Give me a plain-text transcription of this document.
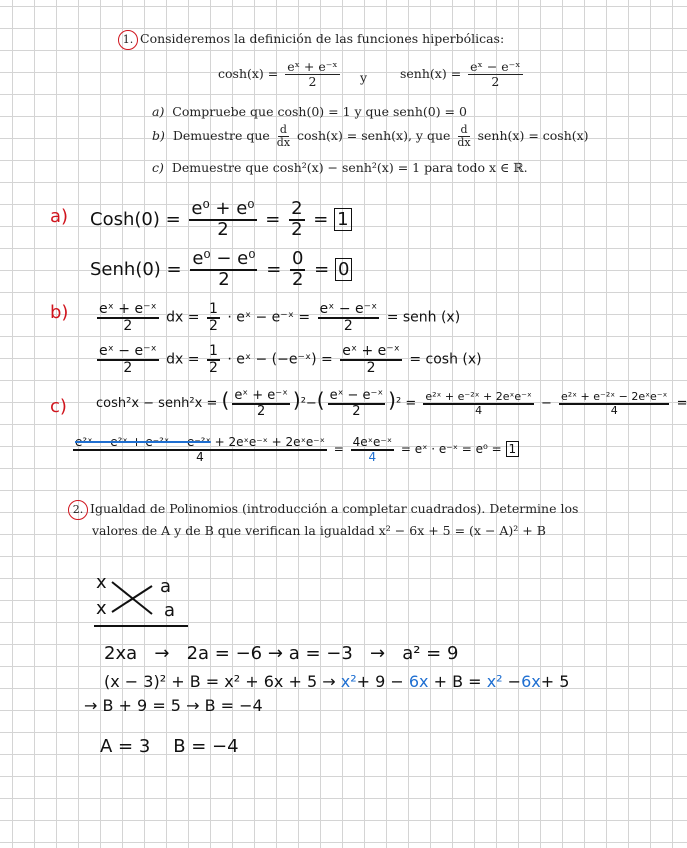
1. Consideremos la definición de las funciones hiperbólicas:
$\cosh(x) = \frac{\text{eˣ + e⁻ˣ}}{2}$ y	senh(x) = $\frac{\text{eˣ − e⁻ˣ}}{2}$
a) Compruebe que cosh(0) = 1 y que senh(0) = 0
b) Demuestre que $\frac{d}{dx} \cosh(x)$ = senh(x), y que $\frac{d}{dx}$ senh(x) = cosh(x)
c) Demuestre que cosh²(x) − senh²(x) = 1 para todo x ∈ ℝ.
a) Cosh(0) = $\frac{\text{e⁰ + e⁰}}{2} = \frac{2}{2} = 1$
Senh(0) = $\frac{\text{e⁰ − e⁰}}{2} = \frac{0}{2} = 0$
$b) \frac{\text{eˣ + e⁻ˣ}}{2}$ dx = $\frac{1}{2}$ · eˣ − e⁻ˣ = $\frac{\text{eˣ − e⁻ˣ}}{2}$ = senh (x)
$\frac{\text{eˣ − e⁻ˣ}}{2}$ dx = $\frac{1}{2}$ · eˣ − (−e⁻ˣ) = $\frac{\text{eˣ + e⁻ˣ}}{2} = \cosh (x)$
c) cosh²x − senh²x = ( $\frac{\text{eˣ + e⁻ˣ}}{2} )^2-( \frac{\text{eˣ − e⁻ˣ}}{2} )^2 = \frac{\text{e²ˣ + e⁻²ˣ + 2eˣe⁻ˣ}}{4} - \frac{\text{e²ˣ + e⁻²ˣ − 2eˣe⁻ˣ}}{4}$ =
$\frac{\text{e²ˣ − e²ˣ + e⁻²ˣ − e⁻²ˣ + 2eˣe⁻ˣ + 2eˣe⁻ˣ}}{4} = \frac{\text{4eˣe⁻ˣ}}{4}$ = eˣ · e⁻ˣ = e⁰ = 1
2. Igualdad de Polinomios (introducción a completar cuadrados). Determine los
valores de A y de B que verifican la igualdad x² − 6x + 5 = (x − A)² + B
x	a
x	a
2xa → 2a = −6 → a = −3 → a² = 9
(x − 3)² + B = x² + 6x + 5 → x²+ 9 − 6x + B = x² −6x+ 5
→ B + 9 = 5 → B = −4
A = 3 B = −4
